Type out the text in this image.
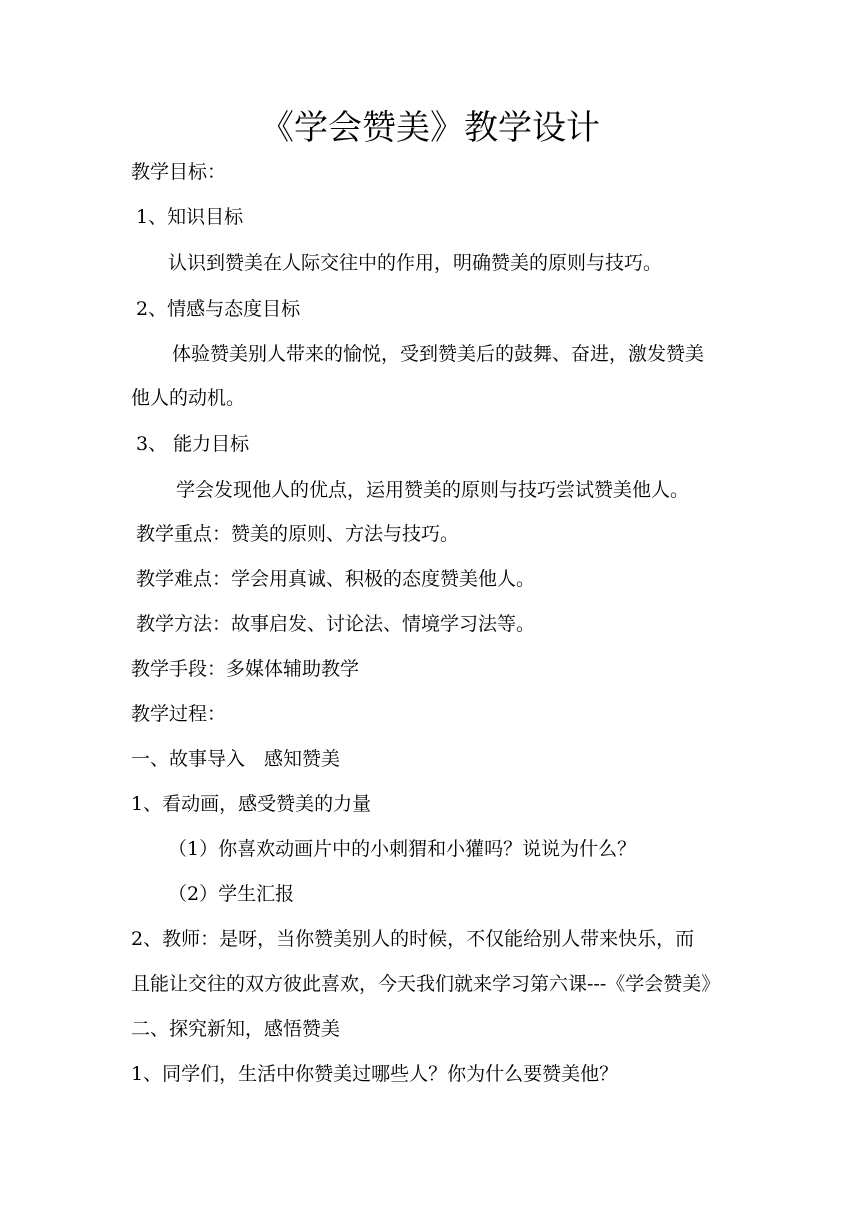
《学会赞美》教学设计
教学目标：
1、知识目标
认识到赞美在人际交往中的作用，明确赞美的原则与技巧。
2、情感与态度目标
体验赞美别人带来的愉悦，受到赞美后的鼓舞、奋进，激发赞美
他人的动机。
3、 能力目标
学会发现他人的优点，运用赞美的原则与技巧尝试赞美他人。
教学重点：赞美的原则、方法与技巧。
教学难点：学会用真诚、积极的态度赞美他人。
教学方法：故事启发、讨论法、情境学习法等。
教学手段：多媒体辅助教学
教学过程：
一、故事导入　感知赞美
1、看动画，感受赞美的力量
（1）你喜欢动画片中的小刺猬和小獾吗？说说为什么？
（2）学生汇报
2、教师：是呀，当你赞美别人的时候，不仅能给别人带来快乐，而
且能让交往的双方彼此喜欢，今天我们就来学习第六课---《学会赞美》
二、探究新知，感悟赞美
1、同学们，生活中你赞美过哪些人？你为什么要赞美他？
